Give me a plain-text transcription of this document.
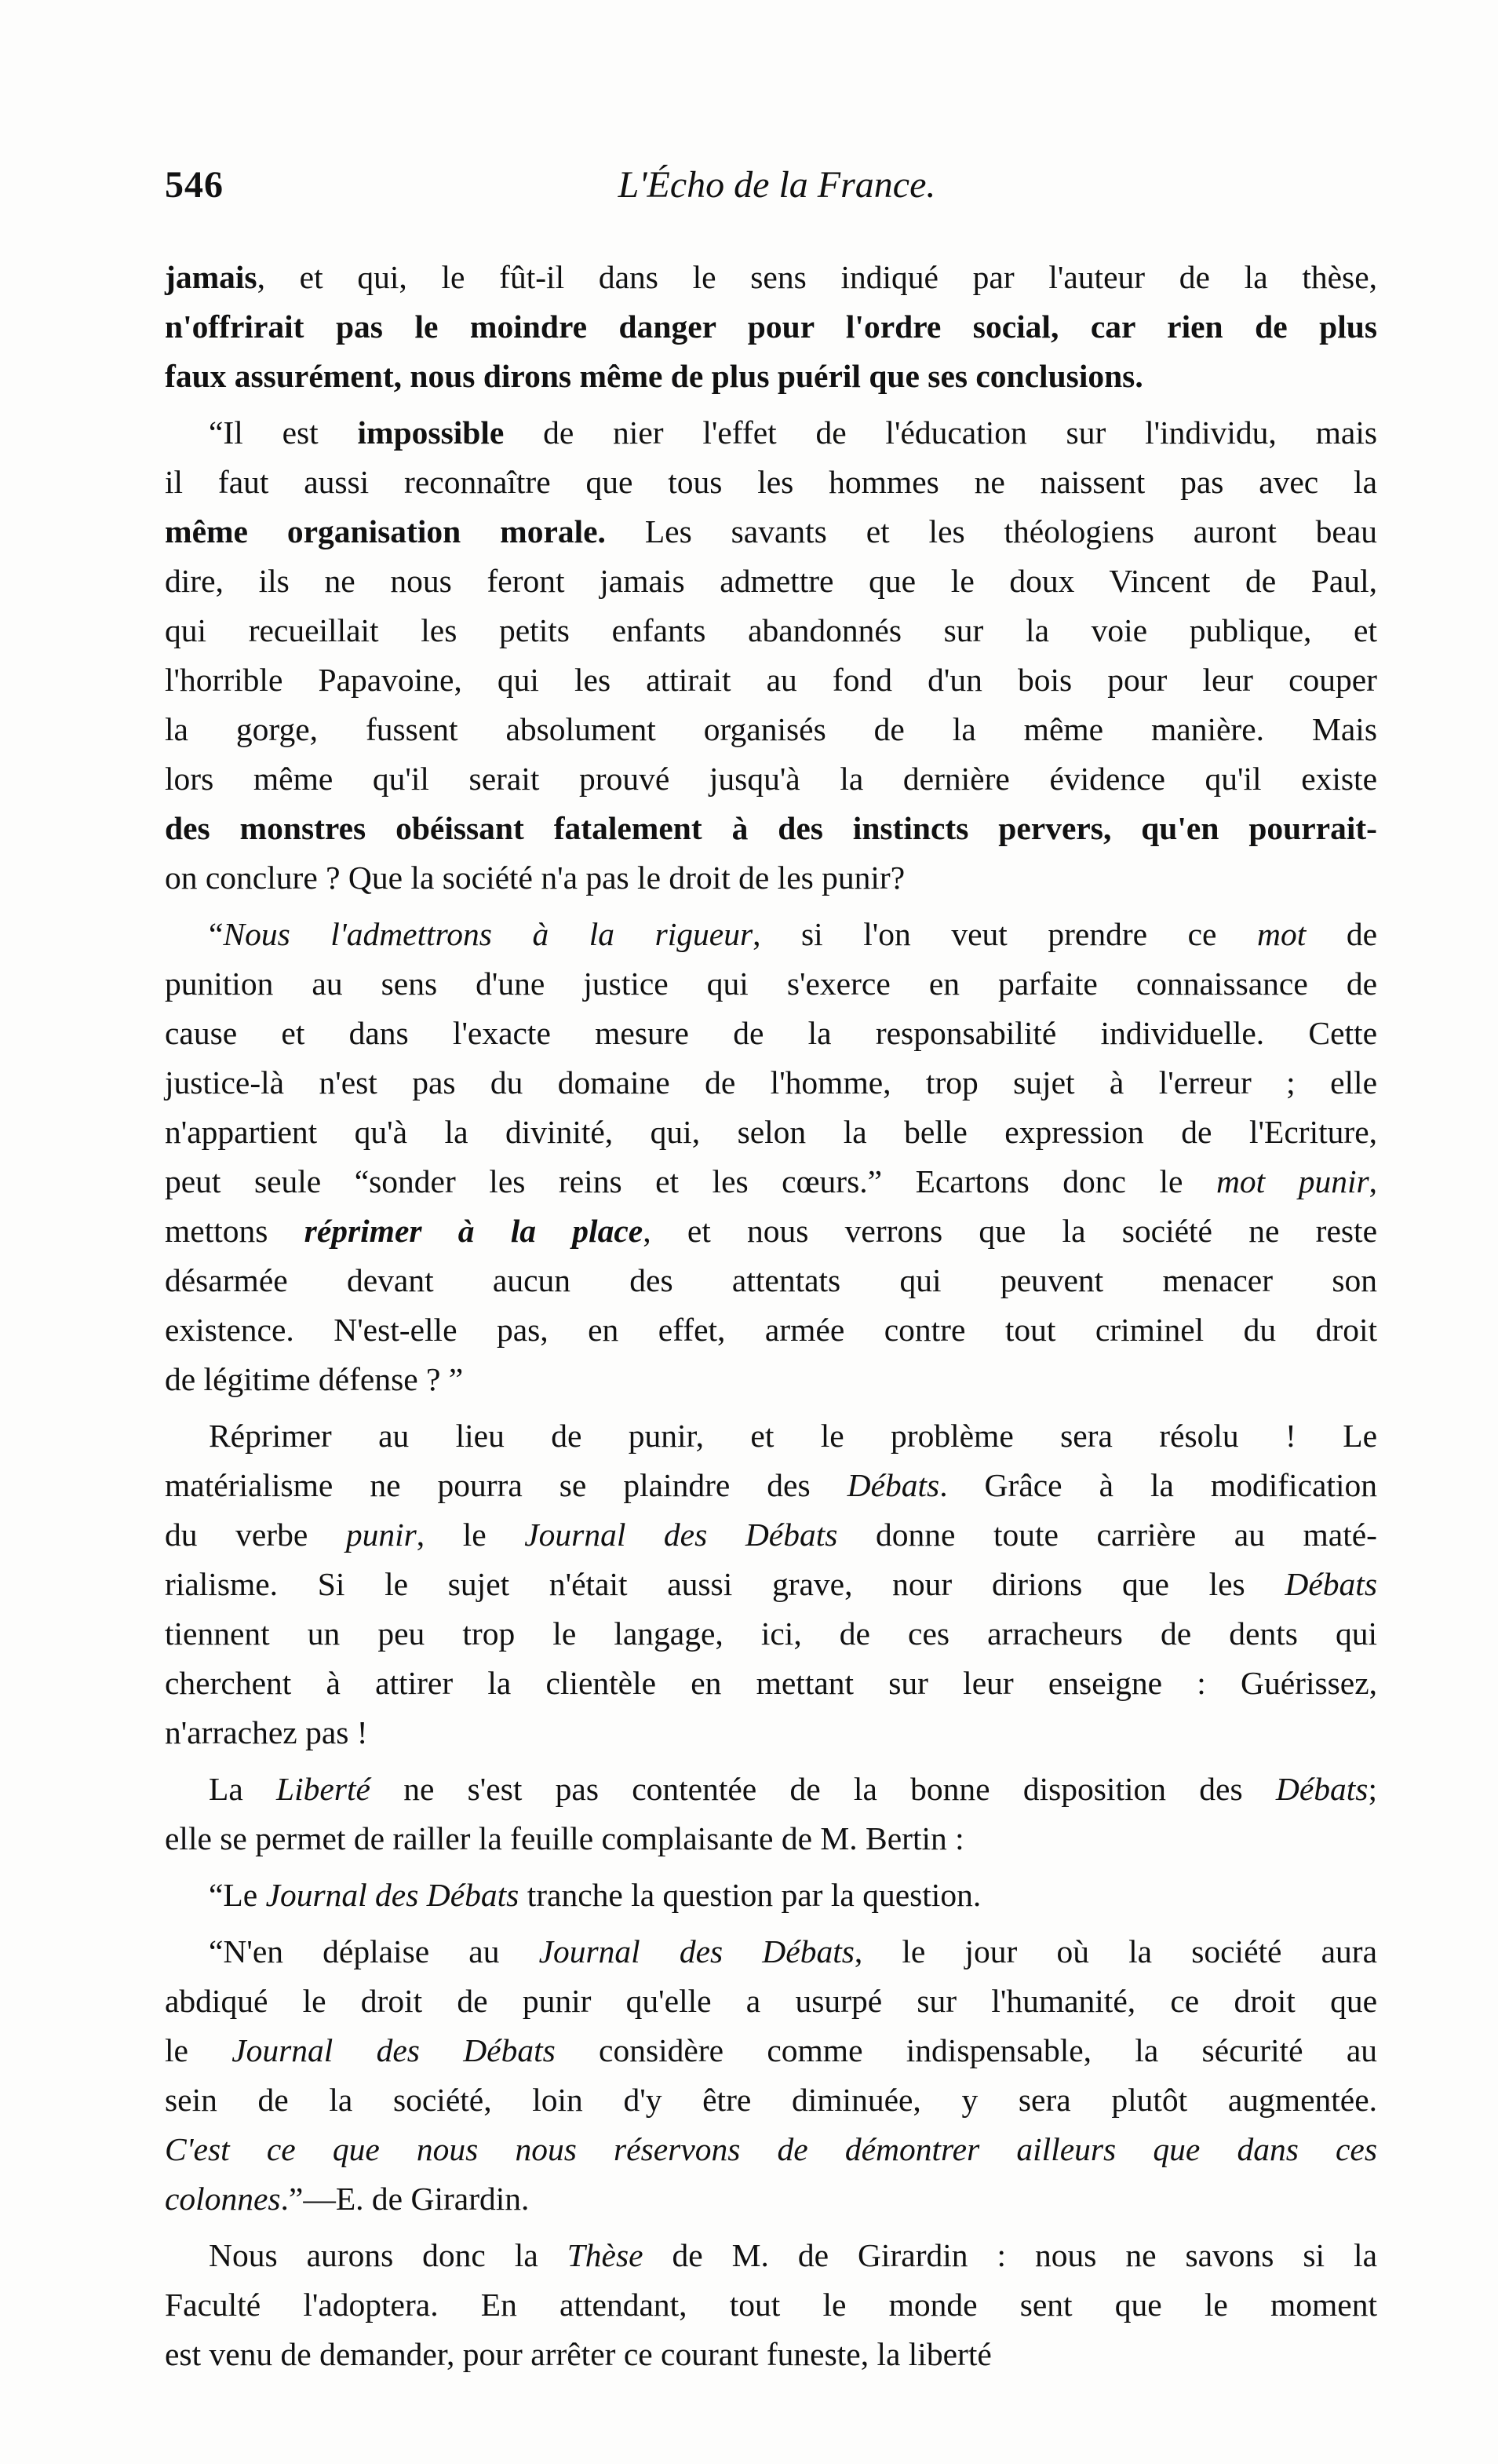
546	L'Écho de la France.
jamais, et qui, le fût-il dans le sens indiqué par l'auteur de la thèse,
n'offrirait pas le moindre danger pour l'ordre social, car rien de plus
faux assurément, nous dirons même de plus puéril que ses conclusions.
“Il est impossible de nier l'effet de l'éducation sur l'individu, mais
il faut aussi reconnaître que tous les hommes ne naissent pas avec la
même organisation morale. Les savants et les théologiens auront beau
dire, ils ne nous feront jamais admettre que le doux Vincent de Paul,
qui recueillait les petits enfants abandonnés sur la voie publique, et
l'horrible Papavoine, qui les attirait au fond d'un bois pour leur couper
la gorge, fussent absolument organisés de la même manière. Mais
lors même qu'il serait prouvé jusqu'à la dernière évidence qu'il existe
des monstres obéissant fatalement à des instincts pervers, qu'en pourrait-
on conclure ? Que la société n'a pas le droit de les punir?
“Nous l'admettrons à la rigueur, si l'on veut prendre ce mot de
punition au sens d'une justice qui s'exerce en parfaite connaissance de
cause et dans l'exacte mesure de la responsabilité individuelle. Cette
justice-là n'est pas du domaine de l'homme, trop sujet à l'erreur ; elle
n'appartient qu'à la divinité, qui, selon la belle expression de l'Ecriture,
peut seule “sonder les reins et les cœurs.” Ecartons donc le mot punir,
mettons réprimer à la place, et nous verrons que la société ne reste
désarmée devant aucun des attentats qui peuvent menacer son
existence. N'est-elle pas, en effet, armée contre tout criminel du droit
de légitime défense ? ”
Réprimer au lieu de punir, et le problème sera résolu ! Le
matérialisme ne pourra se plaindre des Débats. Grâce à la modification
du verbe punir, le Journal des Débats donne toute carrière au maté-
rialisme. Si le sujet n'était aussi grave, nour dirions que les Débats
tiennent un peu trop le langage, ici, de ces arracheurs de dents qui
cherchent à attirer la clientèle en mettant sur leur enseigne : Guérissez,
n'arrachez pas !
La Liberté ne s'est pas contentée de la bonne disposition des Débats;
elle se permet de railler la feuille complaisante de M. Bertin :
“Le Journal des Débats tranche la question par la question.
“N'en déplaise au Journal des Débats, le jour où la société aura
abdiqué le droit de punir qu'elle a usurpé sur l'humanité, ce droit que
le Journal des Débats considère comme indispensable, la sécurité au
sein de la société, loin d'y être diminuée, y sera plutôt augmentée.
C'est ce que nous nous réservons de démontrer ailleurs que dans ces
colonnes.”—E. de Girardin.
Nous aurons donc la Thèse de M. de Girardin : nous ne savons si la
Faculté l'adoptera. En attendant, tout le monde sent que le moment
est venu de demander, pour arrêter ce courant funeste, la liberté
